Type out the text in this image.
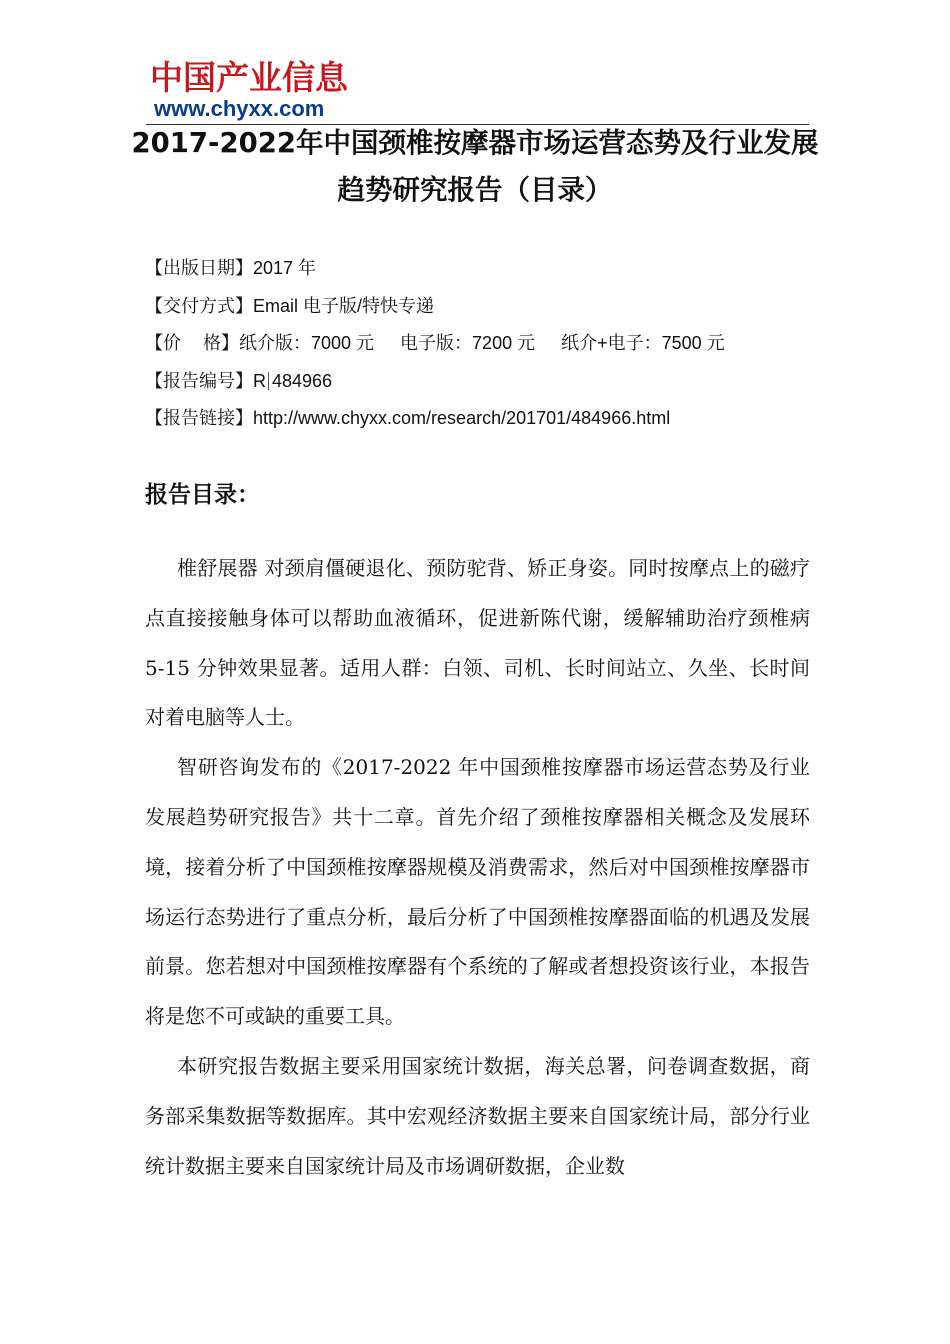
中国产业信息
www.chyxx.com
2017-2022年中国颈椎按摩器市场运营态势及行业发展趋势研究报告（目录）
【出版日期】2017 年
【交付方式】Email 电子版/特快专递
【价 格】纸介版：7000 元 电子版：7200 元 纸介+电子：7500 元
【报告编号】R 484966
【报告链接】http://www.chyxx.com/research/201701/484966.html
报告目录：

椎舒展器 对颈肩僵硬退化、预防驼背、矫正身姿。同时按摩点上的磁疗点直接接触身体可以帮助血液循环，促进新陈代谢，缓解辅助治疗颈椎病 5-15 分钟效果显著。适用人群：白领、司机、长时间站立、久坐、长时间对着电脑等人士。

智研咨询发布的《2017-2022 年中国颈椎按摩器市场运营态势及行业发展趋势研究报告》共十二章。首先介绍了颈椎按摩器相关概念及发展环境，接着分析了中国颈椎按摩器规模及消费需求，然后对中国颈椎按摩器市场运行态势进行了重点分析，最后分析了中国颈椎按摩器面临的机遇及发展前景。您若想对中国颈椎按摩器有个系统的了解或者想投资该行业，本报告将是您不可或缺的重要工具。

本研究报告数据主要采用国家统计数据，海关总署，问卷调查数据，商务部采集数据等数据库。其中宏观经济数据主要来自国家统计局，部分行业统计数据主要来自国家统计局及市场调研数据，企业数
